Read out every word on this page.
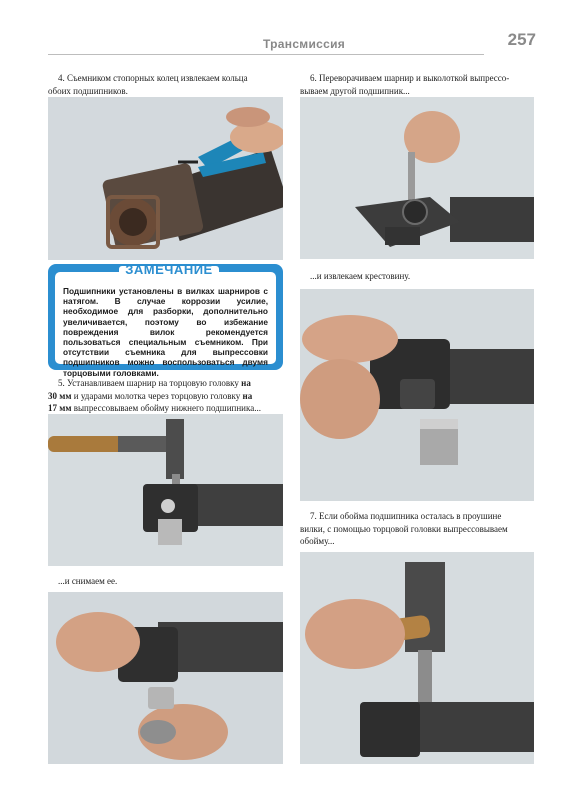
Трансмиссия	257
4. Съемником стопорных колец извлекаем кольца
обоих подшипников.
ЗАМЕЧАНИЕ
Подшипники установлены в вилках шарниров с натягом. В случае коррозии усилие, необходимое для разборки, дополнительно увеличивается, поэтому во избежание повреждения вилок рекомендуется пользоваться специальным съемником. При отсутствии съемника для выпрессовки подшипников можно воспользоваться двумя торцовыми головками.
5. Устанавливаем шарнир на торцовую головку на
30 мм и ударами молотка через торцовую головку на
17 мм выпрессовываем обойму нижнего подшипника...
...и снимаем ее.
6. Переворачиваем шарнир и выколоткой выпрессо-
вываем другой подшипник...
...и извлекаем крестовину.
7. Если обойма подшипника осталась в проушине
вилки, с помощью торцовой головки выпрессовываем
обойму...
